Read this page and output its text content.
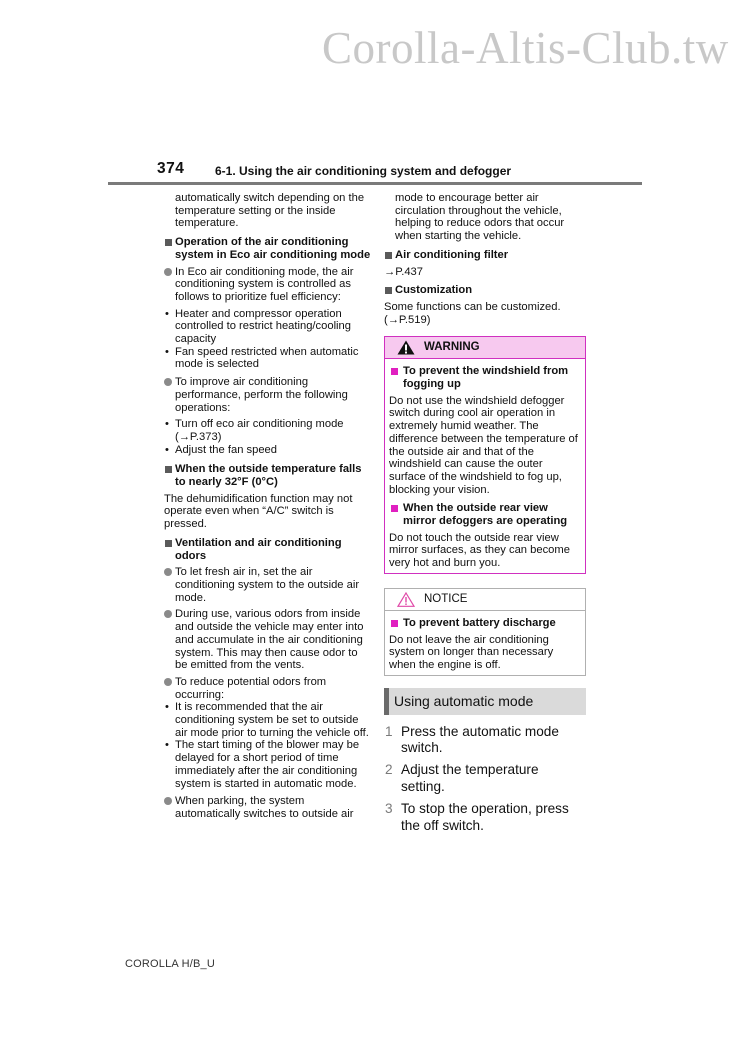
Corolla-Altis-Club.tw
374	6-1. Using the air conditioning system and defogger

automatically switch depending on the temperature setting or the inside temperature.

Operation of the air conditioning system in Eco air conditioning mode

In Eco air conditioning mode, the air conditioning system is controlled as follows to prioritize fuel efficiency:

• Heater and compressor operation controlled to restrict heating/cooling capacity

• Fan speed restricted when automatic mode is selected

To improve air conditioning performance, perform the following operations:

• Turn off eco air conditioning mode (→P.373)

• Adjust the fan speed

When the outside temperature falls to nearly 32°F (0°C)

The dehumidification function may not operate even when “A/C” switch is pressed.

Ventilation and air conditioning odors

To let fresh air in, set the air conditioning system to the outside air mode.

During use, various odors from inside and outside the vehicle may enter into and accumulate in the air conditioning system. This may then cause odor to be emitted from the vents.

To reduce potential odors from occurring:

• It is recommended that the air conditioning system be set to outside air mode prior to turning the vehicle off.

• The start timing of the blower may be delayed for a short period of time immediately after the air conditioning system is started in automatic mode.

When parking, the system automatically switches to outside air

mode to encourage better air circulation throughout the vehicle, helping to reduce odors that occur when starting the vehicle.

Air conditioning filter

→P.437

Customization

Some functions can be customized. (→P.519)

WARNING

To prevent the windshield from fogging up

Do not use the windshield defogger switch during cool air operation in extremely humid weather. The difference between the temperature of the outside air and that of the windshield can cause the outer surface of the windshield to fog up, blocking your vision.

When the outside rear view mirror defoggers are operating

Do not touch the outside rear view mirror surfaces, as they can become very hot and burn you.

NOTICE

To prevent battery discharge

Do not leave the air conditioning system on longer than necessary when the engine is off.

Using automatic mode
1 Press the automatic mode switch.
2 Adjust the temperature setting.
3 To stop the operation, press the off switch.
COROLLA H/B_U
